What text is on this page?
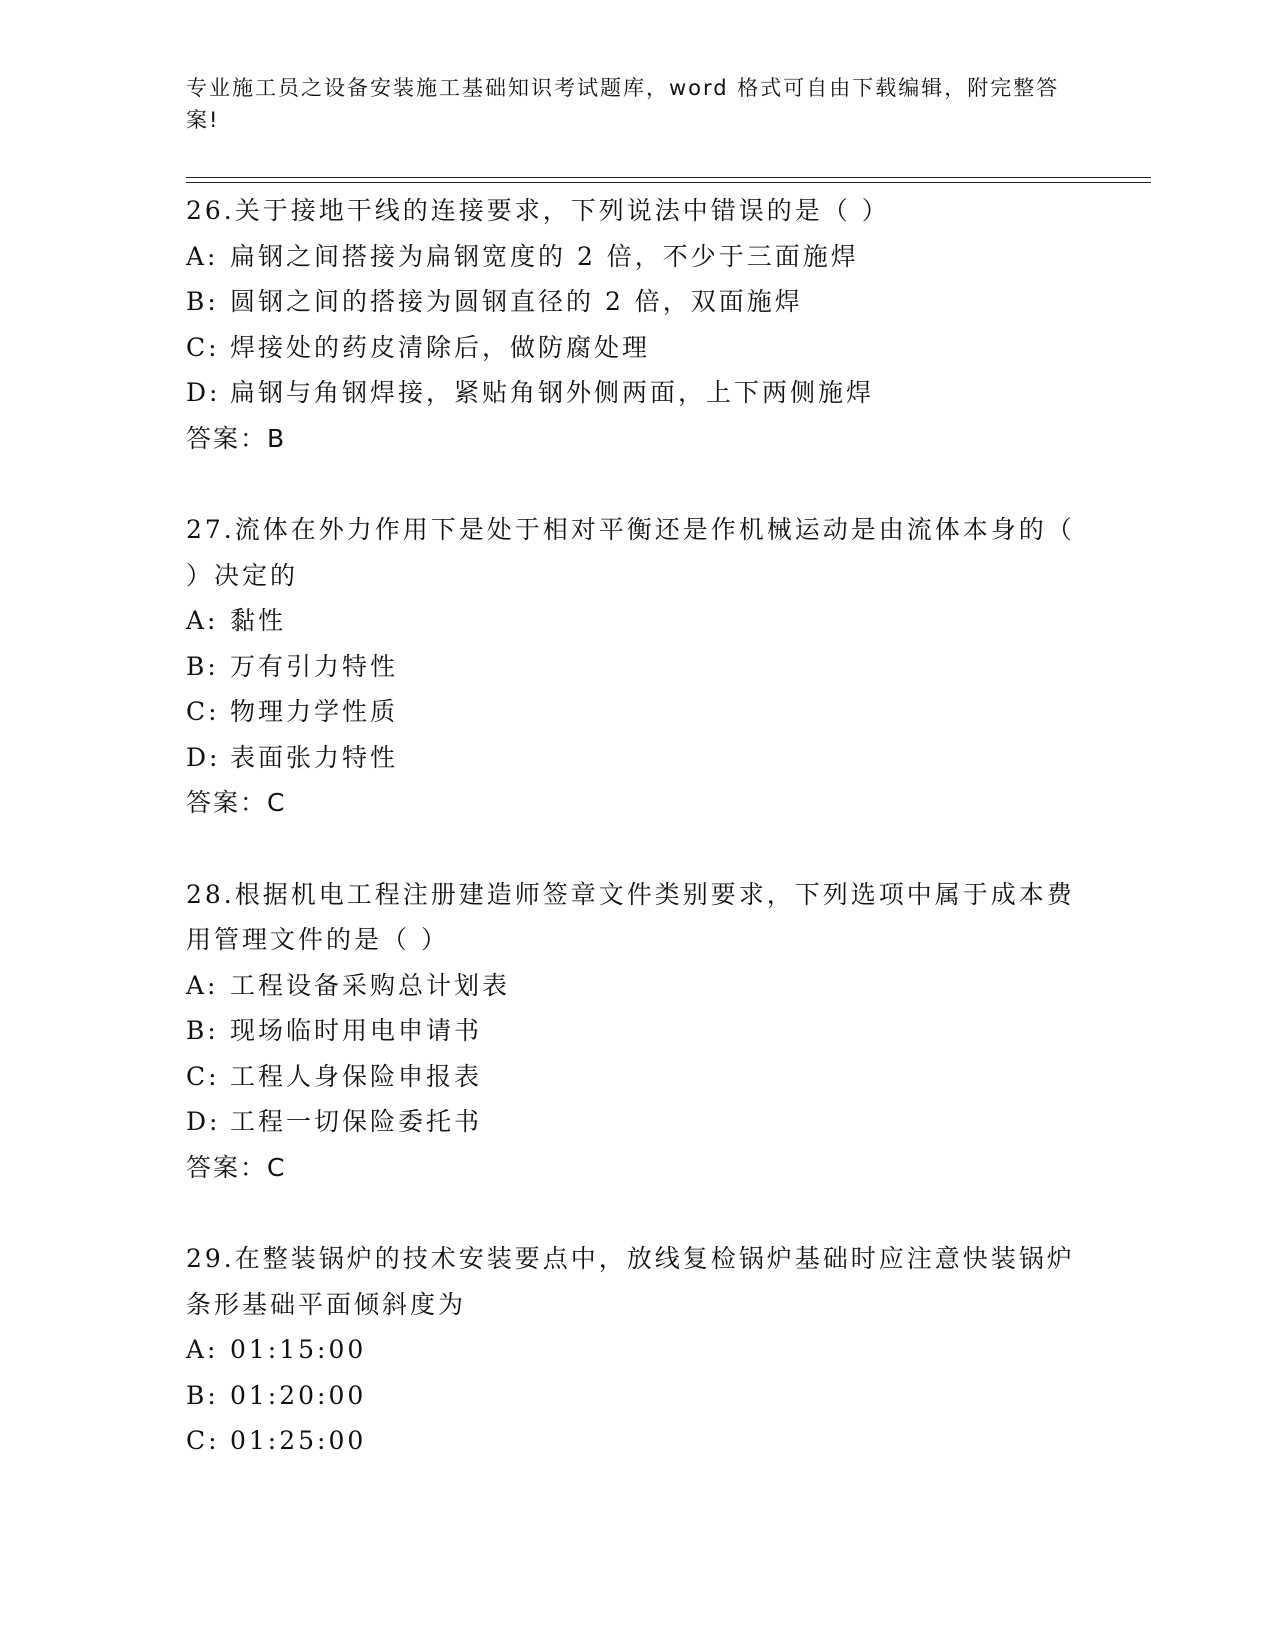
专业施工员之设备安装施工基础知识考试题库，word 格式可自由下载编辑，附完整答案!
26.关于接地干线的连接要求，下列说法中错误的是（ ）
A: 扁钢之间搭接为扁钢宽度的 2 倍，不少于三面施焊
B: 圆钢之间的搭接为圆钢直径的 2 倍，双面施焊
C: 焊接处的药皮清除后，做防腐处理
D: 扁钢与角钢焊接，紧贴角钢外侧两面，上下两侧施焊
答案：B
27.流体在外力作用下是处于相对平衡还是作机械运动是由流体本身的（ ）决定的
A: 黏性
B: 万有引力特性
C: 物理力学性质
D: 表面张力特性
答案：C
28.根据机电工程注册建造师签章文件类别要求，下列选项中属于成本费用管理文件的是（ ）
A: 工程设备采购总计划表
B: 现场临时用电申请书
C: 工程人身保险申报表
D: 工程一切保险委托书
答案：C
29.在整装锅炉的技术安装要点中，放线复检锅炉基础时应注意快装锅炉条形基础平面倾斜度为
A: 01:15:00
B: 01:20:00
C: 01:25:00
